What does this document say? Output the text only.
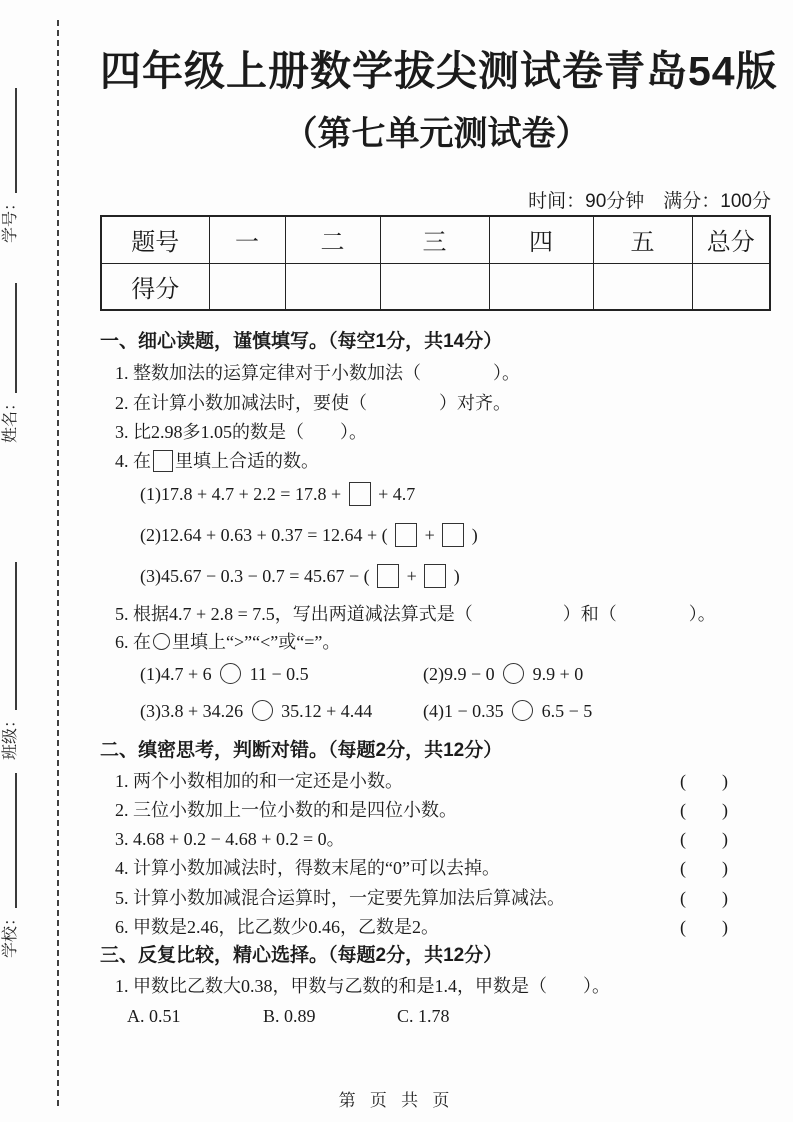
学号：
姓名：
班级：
学校：
四年级上册数学拔尖测试卷青岛54版
（第七单元测试卷）
时间：90分钟　满分：100分
题号	一	二	三	四	五	总分
得分						
一、细心读题，谨慎填写。（每空1分，共14分）
1. 整数加法的运算定律对于小数加法（　　　　）。
2. 在计算小数加减法时，要使（　　　　）对齐。
3. 比2.98多1.05的数是（　　）。
4. 在 里填上合适的数。
(1)17.8 + 4.7 + 2.2 = 17.8 +  + 4.7
(2)12.64 + 0.63 + 0.37 = 12.64 + (  +  )
(3)45.67 − 0.3 − 0.7 = 45.67 − (  +  )
5. 根据4.7 + 2.8 = 7.5，写出两道减法算式是（　　　　　）和（　　　　）。
6. 在 里填上“>”“<”或“=”。
(1)4.7 + 6  11 − 0.5	(2)9.9 − 0  9.9 + 0
(3)3.8 + 34.26  35.12 + 4.44	(4)1 − 0.35  6.5 − 5
二、缜密思考，判断对错。（每题2分，共12分）
1. 两个小数相加的和一定还是小数。	(　　)
2. 三位小数加上一位小数的和是四位小数。	(　　)
3. 4.68 + 0.2 − 4.68 + 0.2 = 0。	(　　)
4. 计算小数加减法时，得数末尾的“0”可以去掉。	(　　)
5. 计算小数加减混合运算时，一定要先算加法后算减法。	(　　)
6. 甲数是2.46，比乙数少0.46，乙数是2。	(　　)
三、反复比较，精心选择。（每题2分，共12分）
1. 甲数比乙数大0.38，甲数与乙数的和是1.4，甲数是（　　）。
A. 0.51	B. 0.89	C. 1.78
第 页 共 页
